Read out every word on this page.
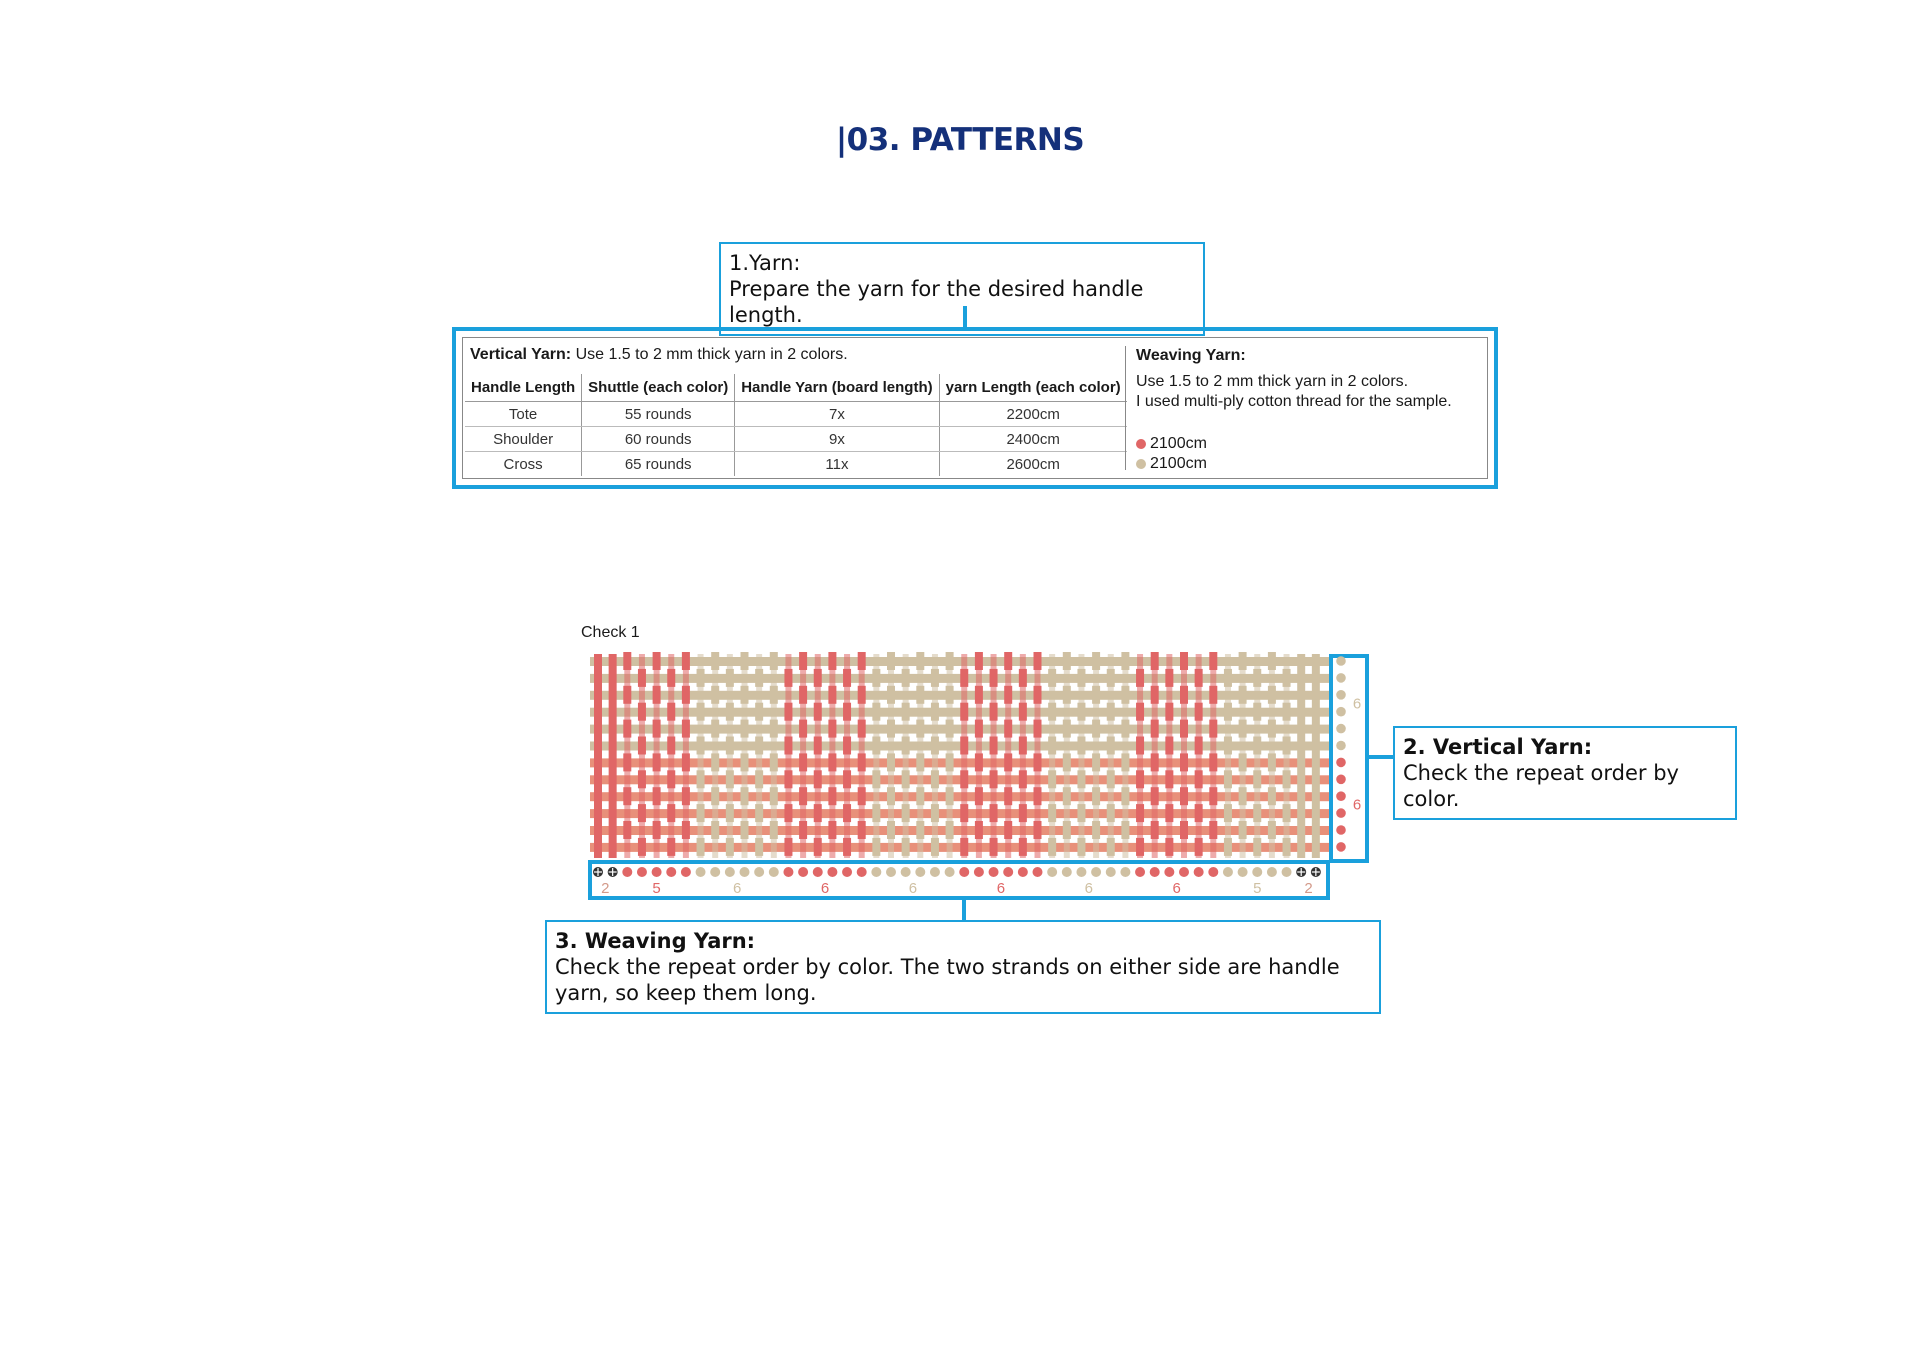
|03. PATTERNS
1.Yarn:
Prepare the yarn for the desired handle length.
Vertical Yarn: Use 1.5 to 2 mm thick yarn in 2 colors.
Handle Length	Shuttle (each color)	Handle Yarn (board length)	yarn Length (each color)
Tote	55 rounds	7x	2200cm
Shoulder	60 rounds	9x	2400cm
Cross	65 rounds	11x	2600cm
Weaving Yarn:
Use 1.5 to 2 mm thick yarn in 2 colors.
I used multi-ply cotton thread for the sample.
2100cm
2100cm
Check 1
2	5	6	6	6	6	6	6	5	2
6
6
2. Vertical Yarn:
Check the repeat order by color.
3. Weaving Yarn:
Check the repeat order by color. The two strands on either side are handle yarn, so keep them long.
